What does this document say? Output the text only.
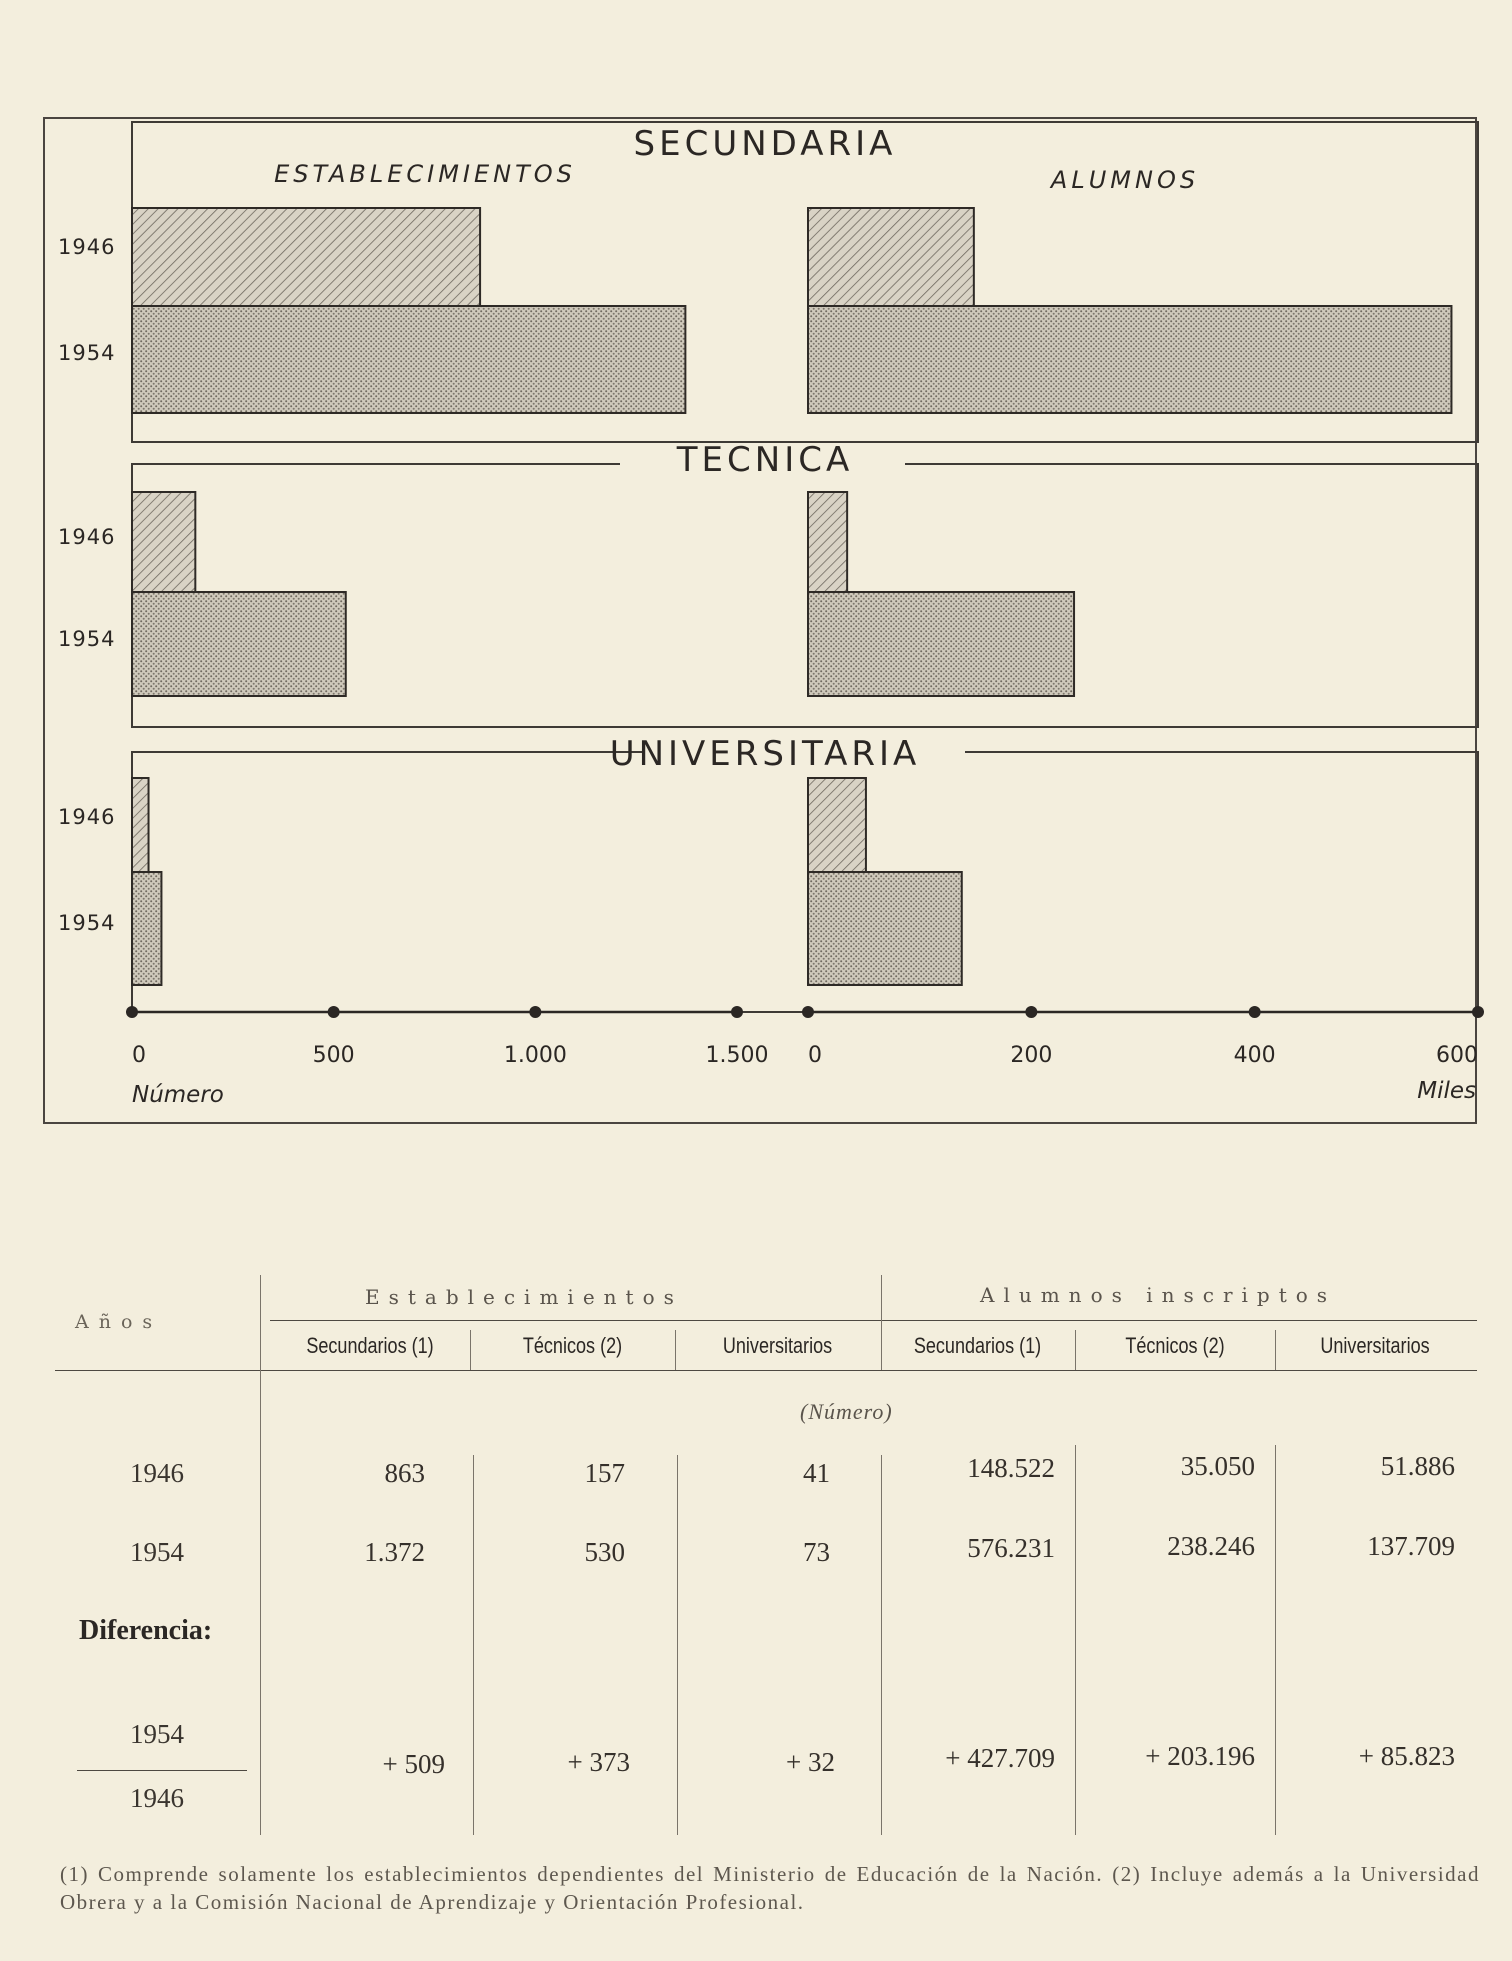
SECUNDARIA
ESTABLECIMIENTOS
1946
1954
ALUMNOS
TECNICA
1946
1954
UNIVERSITARIA
1946
1954
0	500	1.000	1.500 0	200	400	600
Número	Miles
Años
Establecimientos	Alumnos inscriptos
Secundarios (1)	Técnicos (2)	Universitarios	Secundarios (1)	Técnicos (2)	Universitarios
(Número)
1946	863	157	41	148.522	35.050	51.886
1954	1.372	530	73	576.231	238.246	137.709
Diferencia:
1954
1946
+ 509	+ 373	+ 32	+ 427.709	+ 203.196	+ 85.823
(1) Comprende solamente los establecimientos dependientes del Ministerio de Educación de la Nación. (2) Incluye además a la Universidad Obrera y a la Comisión Nacional de Aprendizaje y Orientación Profesional.
